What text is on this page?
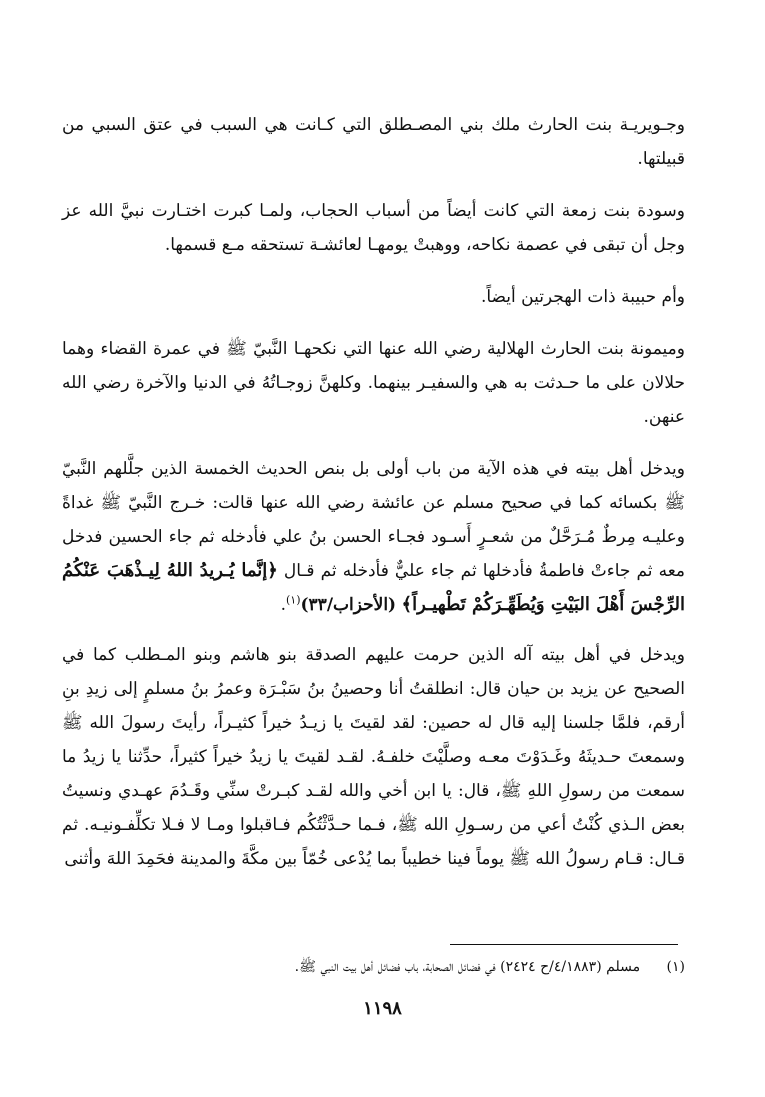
وجـويريـة بنت الحارث ملك بني المصـطلق التي كـانت هي السبب في عتق السبي من قبيلتها.

وسودة بنت زمعة التي كانت أيضاً من أسباب الحجاب، ولمـا كبرت اختـارت نبيَّ الله عز وجل أن تبقى في عصمة نكاحه، ووهبتْ يومهـا لعائشـة تستحقه مـع قسمها.

وأم حبيبة ذات الهجرتين أيضاً.

وميمونة بنت الحارث الهلالية رضي الله عنها التي نكحهـا النَّبيّ ﷺ في عمرة القضاء وهما حلالان على ما حـدثت به هي والسفيـر بينهما. وكلهنَّ زوجـاتُهُ في الدنيا والآخرة رضي الله عنهن.

ويدخل أهل بيته في هذه الآية من باب أولى بل بنص الحديث الخمسة الذين جلَّلهم النَّبيّ ﷺ بكسائه كما في صحيح مسلم عن عائشة رضي الله عنها قالت: خـرج النَّبيّ ﷺ غداةً وعليـه مِرطٌ مُـرَحَّلٌ من شعـرٍ أَسـود فجـاء الحسن بنُ علي فأدخله ثم جاء الحسين فدخل معه ثم جاءتْ فاطمةُ فأدخلها ثم جاء عليٌّ فأدخله ثم قـال ﴿إنَّما يُـريدُ اللهُ لِيـذْهَبَ عَنْكُمُ الرِّجْسَ أَهْلَ البَيْتِ وَيُطَهِّـرَكُمْ تَطْهيـراً﴾ (الأحزاب/٣٣)$^{(١)}$.

ويدخل في أهل بيته آله الذين حرمت عليهم الصدقة بنو هاشم وبنو المـطلب كما في الصحيح عن يزيد بن حيان قال: انطلقتُ أنا وحصينُ بنُ سَبْـرَة وعمرُ بنُ مسلمٍ إلى زيدِ بنِ أرقم، فلمَّا جلسنا إليه قال له حصين: لقد لقيتَ يا زيـدُ خيراً كثيـراً، رأيتَ رسولَ الله ﷺ وسمعتَ حـديثَهُ وغَـدَوْتَ معـه وصلَّيْتَ خلفـهُ. لقـد لقيتَ يا زيدُ خيراً كثيراً، حدِّثنا يا زيدُ ما سمعت من رسولِ اللهِ ﷺ، قال: يا ابن أخي والله لقـد كبـرتْ سنِّي وقَـدُمَ عهـدي ونسيتُ بعض الـذي كُنْتُ أعي من رسـولِ الله ﷺ، فـما حـدَّثْتُكُم فـاقبلوا ومـا لا فـلا تكلِّفـونيـه. ثم قـال: قـام رسولُ الله ﷺ يوماً فينا خطيباً بما يُدْعى خُمّاً بين مكَّةَ والمدينة فحَمِدَ اللهَ وأثنى

(١) مسلم (٤/١٨٨٣/ح ٢٤٢٤) في فضائل الصحابة، باب فضائل أهل بيت النبي ﷺ.
١١٩٨
